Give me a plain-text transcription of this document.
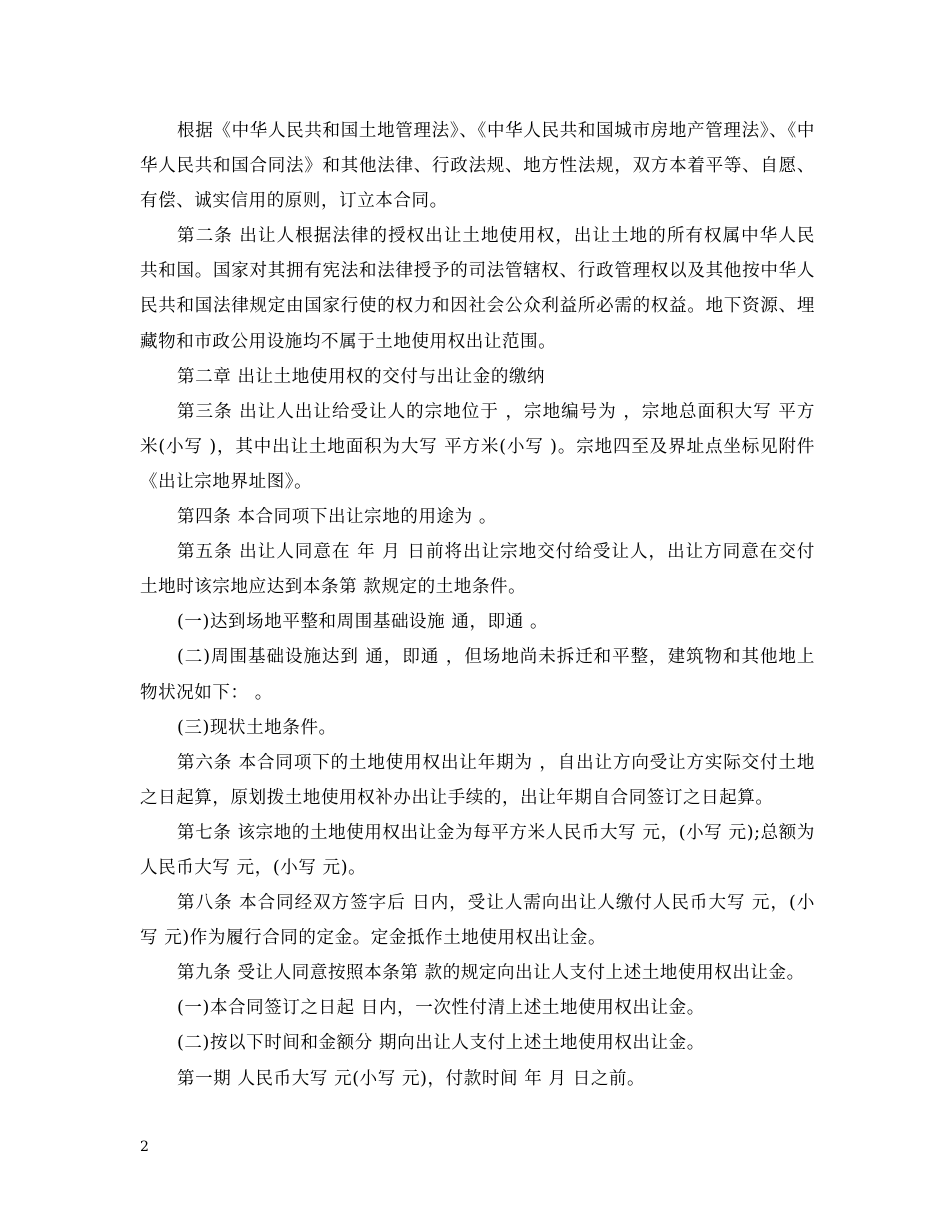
根据《中华人民共和国土地管理法》、《中华人民共和国城市房地产管理法》、《中华人民共和国合同法》和其他法律、行政法规、地方性法规，双方本着平等、自愿、有偿、诚实信用的原则，订立本合同。

第二条 出让人根据法律的授权出让土地使用权，出让土地的所有权属中华人民共和国。国家对其拥有宪法和法律授予的司法管辖权、行政管理权以及其他按中华人民共和国法律规定由国家行使的权力和因社会公众利益所必需的权益。地下资源、埋藏物和市政公用设施均不属于土地使用权出让范围。

第二章 出让土地使用权的交付与出让金的缴纳

第三条 出让人出让给受让人的宗地位于 ，宗地编号为 ，宗地总面积大写 平方米(小写 )，其中出让土地面积为大写 平方米(小写 )。宗地四至及界址点坐标见附件《出让宗地界址图》。

第四条 本合同项下出让宗地的用途为 。

第五条 出让人同意在 年 月 日前将出让宗地交付给受让人，出让方同意在交付土地时该宗地应达到本条第 款规定的土地条件。

(一)达到场地平整和周围基础设施 通，即通 。

(二)周围基础设施达到 通，即通 ，但场地尚未拆迁和平整，建筑物和其他地上物状况如下： 。

(三)现状土地条件。

第六条 本合同项下的土地使用权出让年期为 ，自出让方向受让方实际交付土地之日起算，原划拨土地使用权补办出让手续的，出让年期自合同签订之日起算。

第七条 该宗地的土地使用权出让金为每平方米人民币大写 元，(小写 元);总额为人民币大写 元，(小写 元)。

第八条 本合同经双方签字后 日内，受让人需向出让人缴付人民币大写 元，(小写 元)作为履行合同的定金。定金抵作土地使用权出让金。

第九条 受让人同意按照本条第 款的规定向出让人支付上述土地使用权出让金。

(一)本合同签订之日起 日内，一次性付清上述土地使用权出让金。

(二)按以下时间和金额分 期向出让人支付上述土地使用权出让金。

第一期 人民币大写 元(小写 元)，付款时间 年 月 日之前。

2
